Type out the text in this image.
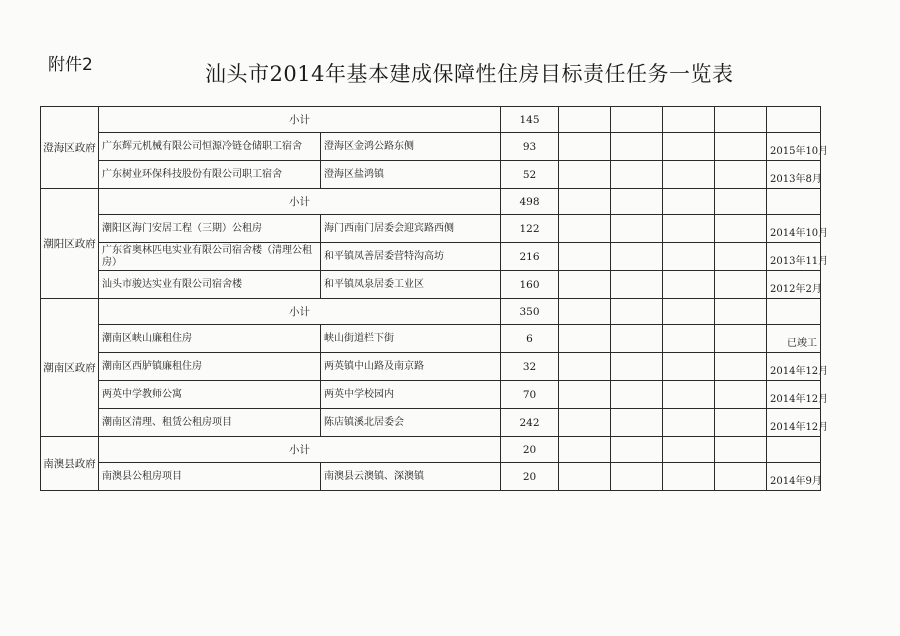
附件2	汕头市2014年基本建成保障性住房目标责任任务一览表
澄海区政府	小计		145					
	广东辉元机械有限公司恒源冷链仓储职工宿舍	澄海区金鸿公路东侧	93					2015年10月
	广东树业环保科技股份有限公司职工宿舍	澄海区盐鸿镇	52					2013年8月
潮阳区政府	小计		498					
	潮阳区海门安居工程（三期）公租房	海门西南门居委会迎宾路西侧	122					2014年10月
	广东省奥林匹电实业有限公司宿舍楼（清理公租房）	和平镇凤善居委营特沟高坊	216					2013年11月
	汕头市骏达实业有限公司宿舍楼	和平镇凤泉居委工业区	160					2012年2月
潮南区政府	小计		350					
	潮南区峡山廉租住房	峡山街道栏下街	6					已竣工
	潮南区西胪镇廉租住房	两英镇中山路及南京路	32					2014年12月
	两英中学教师公寓	两英中学校园内	70					2014年12月
	潮南区清理、租赁公租房项目	陈店镇溪北居委会	242					2014年12月
南澳县政府	小计		20					
	南澳县公租房项目	南澳县云澳镇、深澳镇	20					2014年9月
